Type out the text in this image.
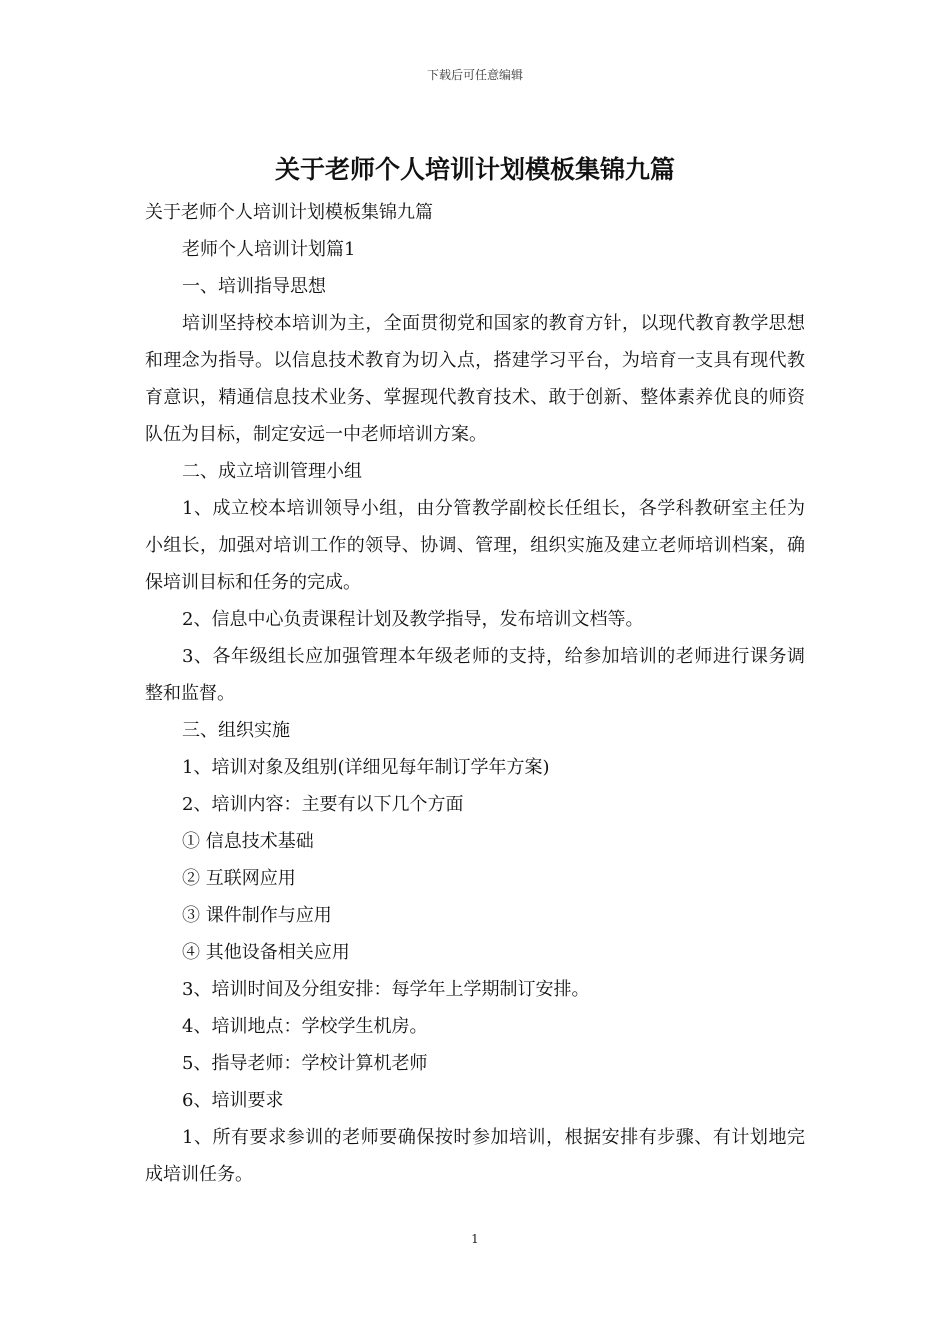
下载后可任意编辑
关于老师个人培训计划模板集锦九篇

关于老师个人培训计划模板集锦九篇

老师个人培训计划篇1

一、培训指导思想

培训坚持校本培训为主，全面贯彻党和国家的教育方针，以现代教育教学思想和理念为指导。以信息技术教育为切入点，搭建学习平台，为培育一支具有现代教育意识，精通信息技术业务、掌握现代教育技术、敢于创新、整体素养优良的师资队伍为目标，制定安远一中老师培训方案。

二、成立培训管理小组

1、成立校本培训领导小组，由分管教学副校长任组长，各学科教研室主任为小组长，加强对培训工作的领导、协调、管理，组织实施及建立老师培训档案，确保培训目标和任务的完成。

2、信息中心负责课程计划及教学指导，发布培训文档等。

3、各年级组长应加强管理本年级老师的支持，给参加培训的老师进行课务调整和监督。

三、组织实施

1、培训对象及组别(详细见每年制订学年方案)

2、培训内容：主要有以下几个方面

① 信息技术基础

② 互联网应用

③ 课件制作与应用

④ 其他设备相关应用

3、培训时间及分组安排：每学年上学期制订安排。

4、培训地点：学校学生机房。

5、指导老师：学校计算机老师

6、培训要求

1、所有要求参训的老师要确保按时参加培训，根据安排有步骤、有计划地完成培训任务。

1
